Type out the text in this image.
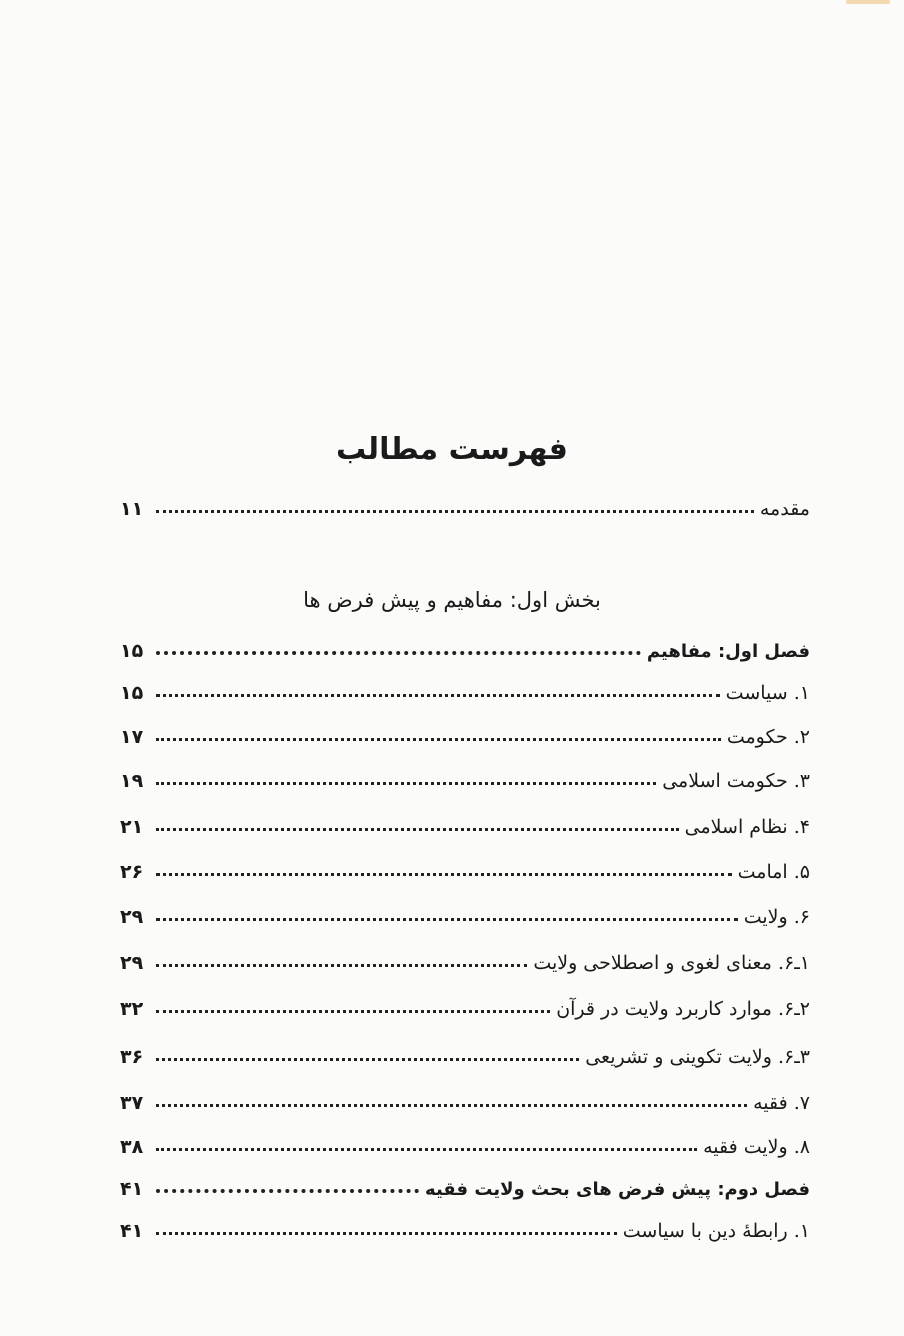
فهرست مطالب
مقدمه
۱۱
بخش اول: مفاهیم و پیش فرض ها
فصل اول: مفاهیم
۱۵
۱. سیاست
۱۵
۲. حکومت
۱۷
۳. حکومت اسلامی
۱۹
۴. نظام اسلامی
۲۱
۵. امامت
۲۶
۶. ولایت
۲۹
۱ـ۶. معنای لغوی و اصطلاحی ولایت
۲۹
۲ـ۶. موارد کاربرد ولایت در قرآن
۳۲
۳ـ۶. ولایت تکوینی و تشریعی
۳۶
۷. فقیه
۳۷
۸. ولایت فقیه
۳۸
فصل دوم: پیش فرض های بحث ولایت فقیه
۴۱
۱. رابطهٔ دین با سیاست
۴۱
